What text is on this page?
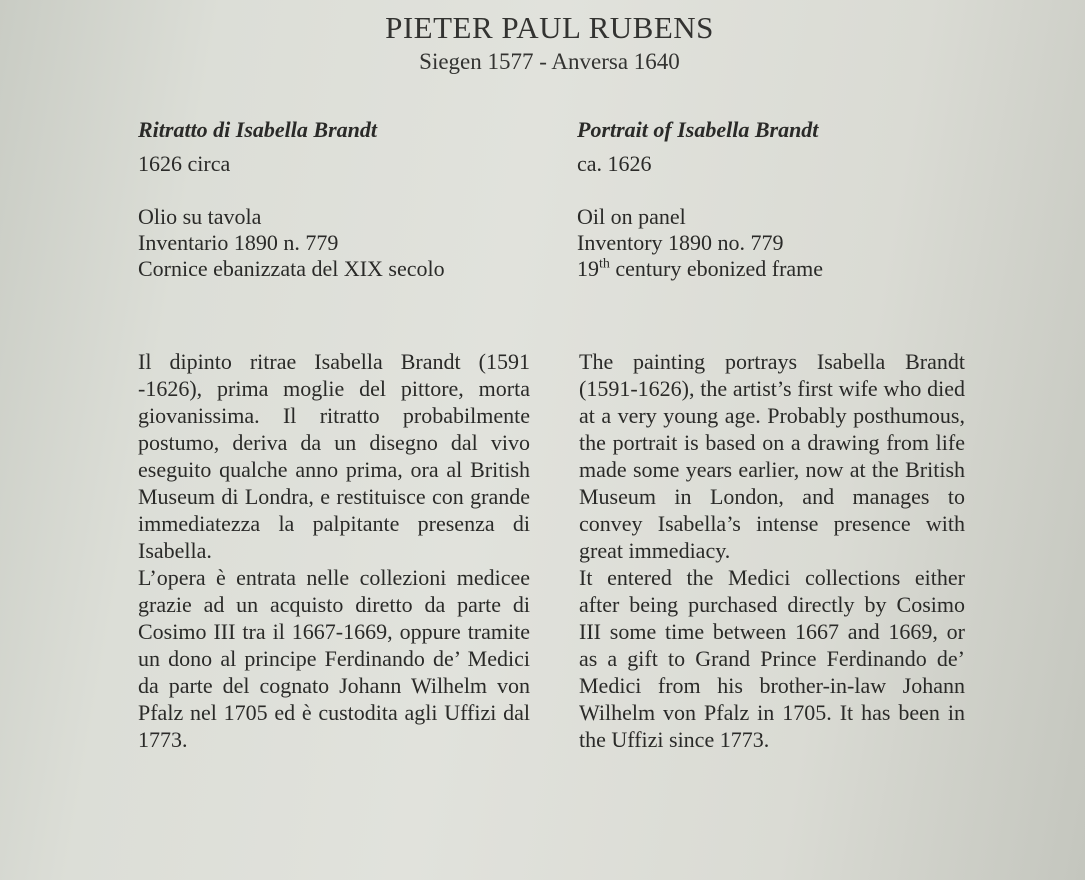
PIETER PAUL RUBENS
Siegen 1577 - Anversa 1640
Ritratto di Isabella Brandt
1626 circa
Olio su tavola
Inventario 1890 n. 779
Cornice ebanizzata del XIX secolo
Portrait of Isabella Brandt
ca. 1626
Oil on panel
Inventory 1890 no. 779
19th century ebonized frame

Il dipinto ritrae Isabella Brandt (1591 -1626), prima moglie del pittore, morta giovanissima. Il ritratto probabilmente postumo, deriva da un disegno dal vivo eseguito qualche anno prima, ora al British Museum di Londra, e restituisce con grande immediatezza la palpitante presenza di Isabella.

L’opera è entrata nelle collezioni medicee grazie ad un acquisto diretto da parte di Cosimo III tra il 1667-1669, oppure tramite un dono al principe Ferdinando de’ Medici da parte del cognato Johann Wilhelm von Pfalz nel 1705 ed è custodita agli Uffizi dal 1773.

The painting portrays Isabella Brandt (1591-1626), the artist’s first wife who died at a very young age. Probably posthumous, the portrait is based on a drawing from life made some years earlier, now at the British Museum in London, and manages to convey Isabella’s intense presence with great immediacy.

It entered the Medici collections either after being purchased directly by Cosimo III some time between 1667 and 1669, or as a gift to Grand Prince Ferdinando de’ Medici from his brother-in-law Johann Wilhelm von Pfalz in 1705. It has been in the Uffizi since 1773.
